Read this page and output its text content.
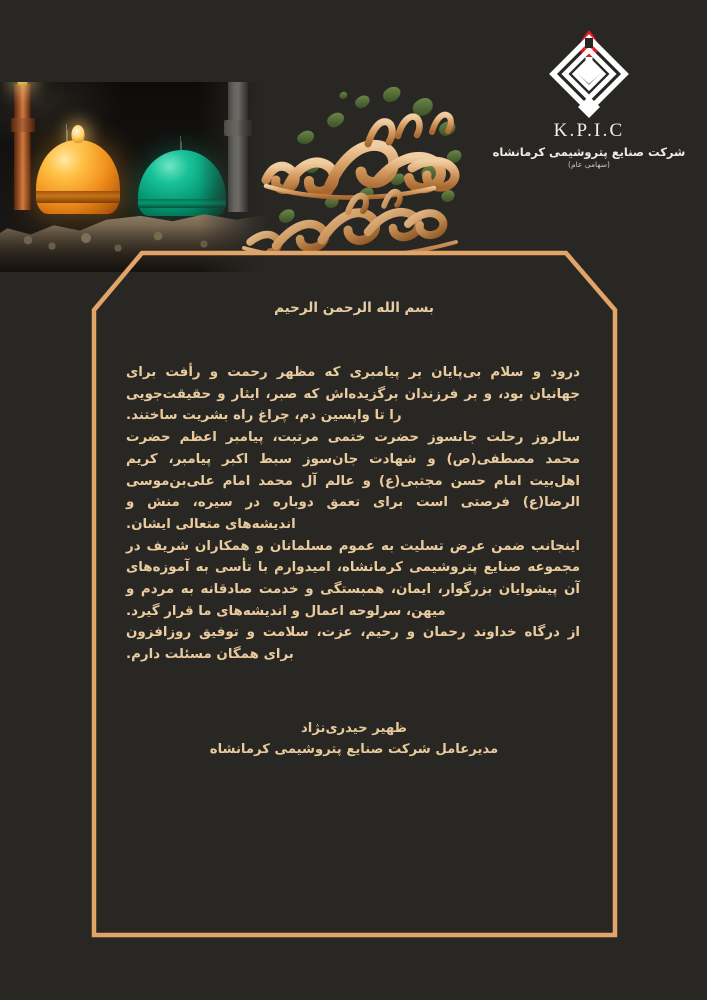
K.P.I.C
شرکت صنایع پتروشیمی کرمانشاه
(سهامی عام)
بسم الله الرحمن الرحیم

درود و سلام بی‌پایان بر پیامبری که مظهر رحمت و رأفت برای جهانیان بود، و بر فرزندان برگزیده‌اش که صبر، ایثار و حقیقت‌جویی را تا واپسین دم، چراغ راه بشریت ساختند.

سالروز رحلت جانسوز حضرت ختمی مرتبت، پیامبر اعظم حضرت محمد مصطفی(ص) و شهادت جان‌سوز سبط اکبر پیامبر، کریم اهل‌بیت امام حسن مجتبی(ع) و عالم آل محمد امام علی‌بن‌موسی الرضا(ع) فرصتی است برای تعمق دوباره در سیره، منش و اندیشه‌های متعالی ایشان.

اینجانب ضمن عرض تسلیت به عموم مسلمانان و همکاران شریف در مجموعه صنایع پتروشیمی کرمانشاه، امیدوارم با تأسی به آموزه‌های آن پیشوایان بزرگوار، ایمان، همبستگی و خدمت صادقانه به مردم و میهن، سرلوحه اعمال و اندیشه‌های ما قرار گیرد.

از درگاه خداوند رحمان و رحیم، عزت، سلامت و توفیق روزافزون برای همگان مسئلت دارم.

ظهیر حیدری‌نژاد
مدیرعامل شرکت صنایع پتروشیمی کرمانشاه
